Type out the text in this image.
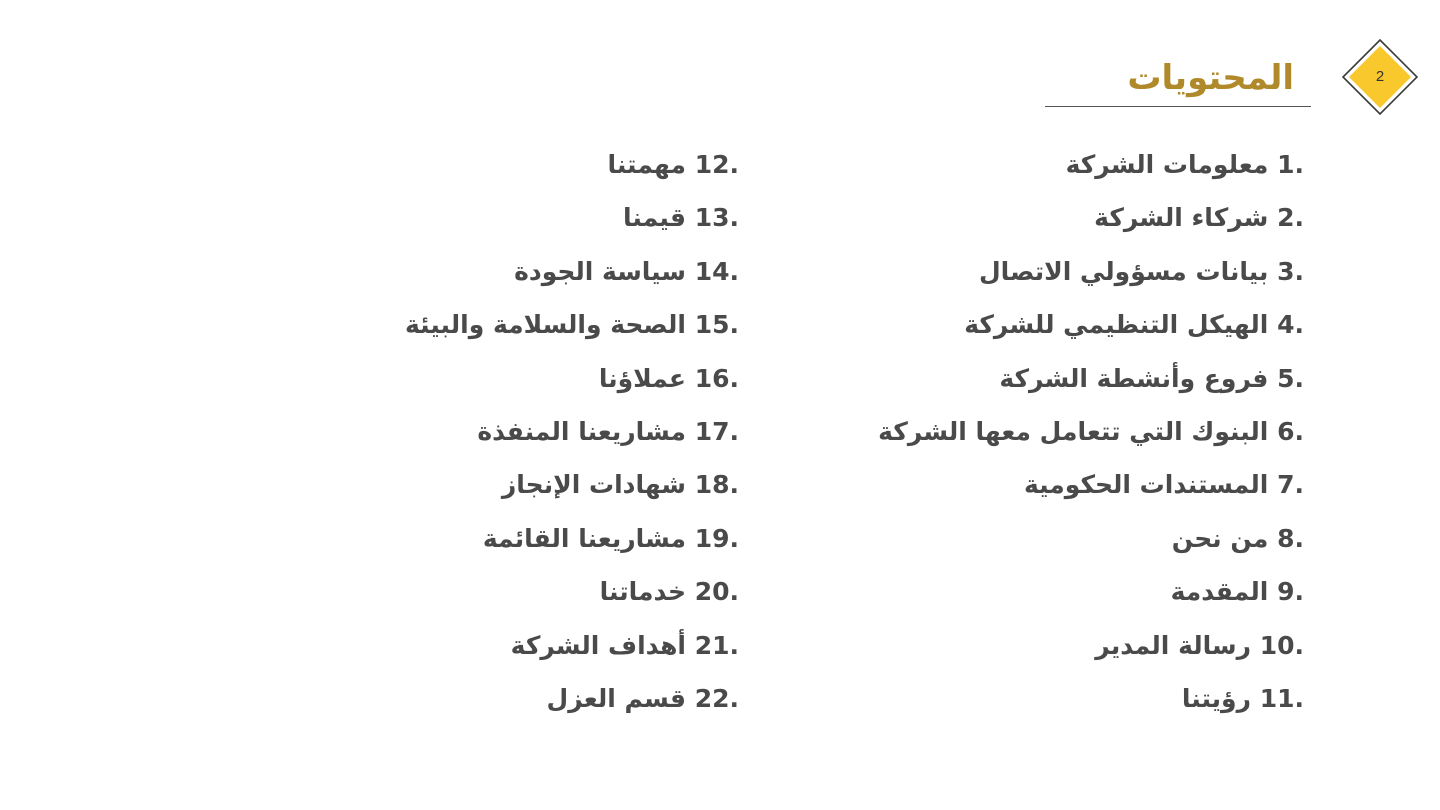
2
المحتويات
1. معلومات الشركة
2. شركاء الشركة
3. بيانات مسؤولي الاتصال
4. الهيكل التنظيمي للشركة
5. فروع وأنشطة الشركة
6. البنوك التي تتعامل معها الشركة
7. المستندات الحكومية
8. من نحن
9. المقدمة
10. رسالة المدير
11. رؤيتنا
12. مهمتنا
13. قيمنا
14. سياسة الجودة
15. الصحة والسلامة والبيئة
16. عملاؤنا
17. مشاريعنا المنفذة
18. شهادات الإنجاز
19. مشاريعنا القائمة
20. خدماتنا
21. أهداف الشركة
22. قسم العزل
